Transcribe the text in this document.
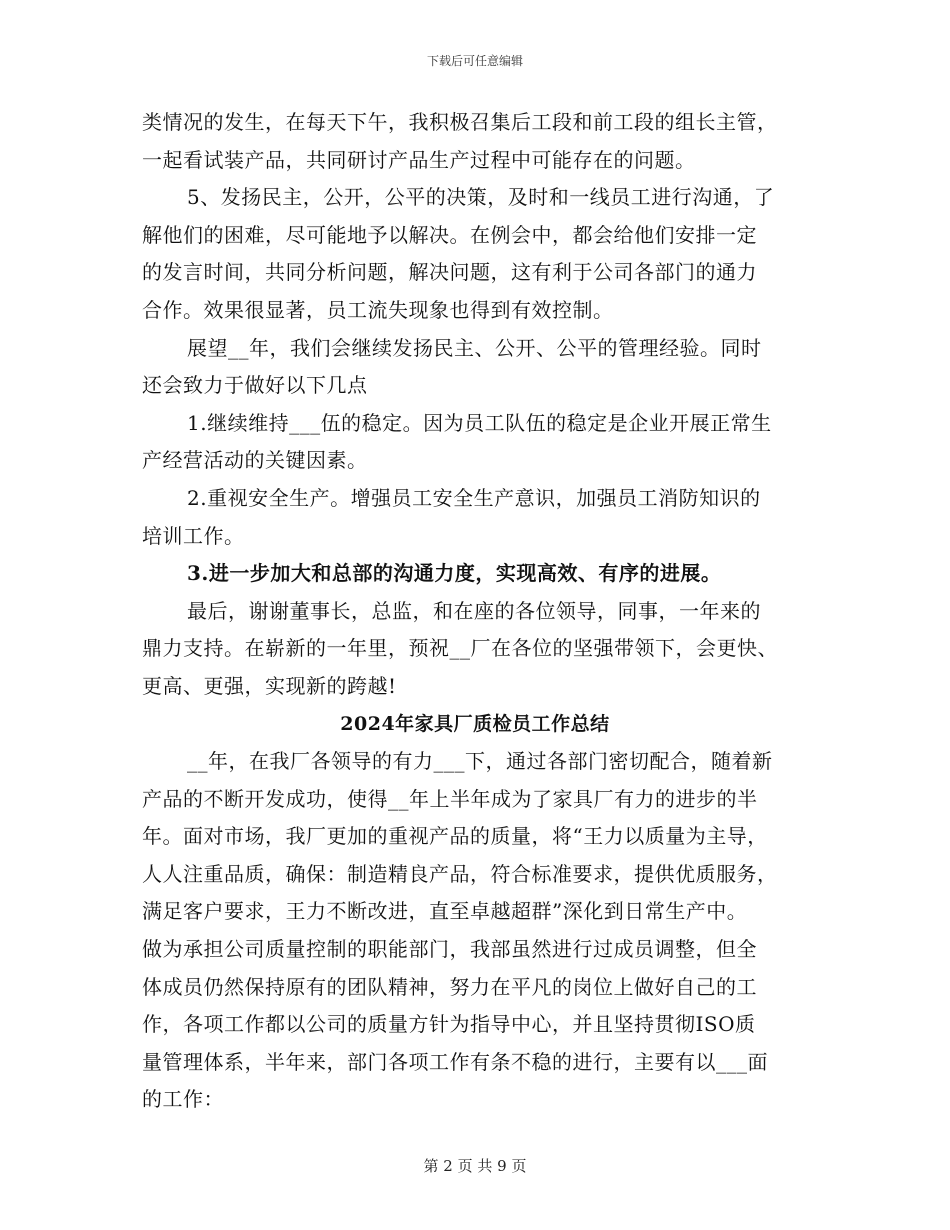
下载后可任意编辑
类情况的发生，在每天下午，我积极召集后工段和前工段的组长主管，
一起看试装产品，共同研讨产品生产过程中可能存在的问题。
5、发扬民主，公开，公平的决策，及时和一线员工进行沟通，了
解他们的困难，尽可能地予以解决。在例会中，都会给他们安排一定
的发言时间，共同分析问题，解决问题，这有利于公司各部门的通力
合作。效果很显著，员工流失现象也得到有效控制。
展望__年，我们会继续发扬民主、公开、公平的管理经验。同时
还会致力于做好以下几点
1.继续维持___伍的稳定。因为员工队伍的稳定是企业开展正常生
产经营活动的关键因素。
2.重视安全生产。增强员工安全生产意识，加强员工消防知识的
培训工作。
3.进一步加大和总部的沟通力度，实现高效、有序的进展。
最后，谢谢董事长，总监，和在座的各位领导，同事，一年来的
鼎力支持。在崭新的一年里，预祝__厂在各位的坚强带领下，会更快、
更高、更强，实现新的跨越!
2024年家具厂质检员工作总结
__年，在我厂各领导的有力___下，通过各部门密切配合，随着新
产品的不断开发成功，使得__年上半年成为了家具厂有力的进步的半
年。面对市场，我厂更加的重视产品的质量，将“王力以质量为主导，
人人注重品质，确保：制造精良产品，符合标准要求，提供优质服务，
满足客户要求，王力不断改进，直至卓越超群”深化到日常生产中。
做为承担公司质量控制的职能部门，我部虽然进行过成员调整，但全
体成员仍然保持原有的团队精神，努力在平凡的岗位上做好自己的工
作，各项工作都以公司的质量方针为指导中心，并且坚持贯彻ISO质
量管理体系，半年来，部门各项工作有条不稳的进行，主要有以___面
的工作：
第 2 页 共 9 页
